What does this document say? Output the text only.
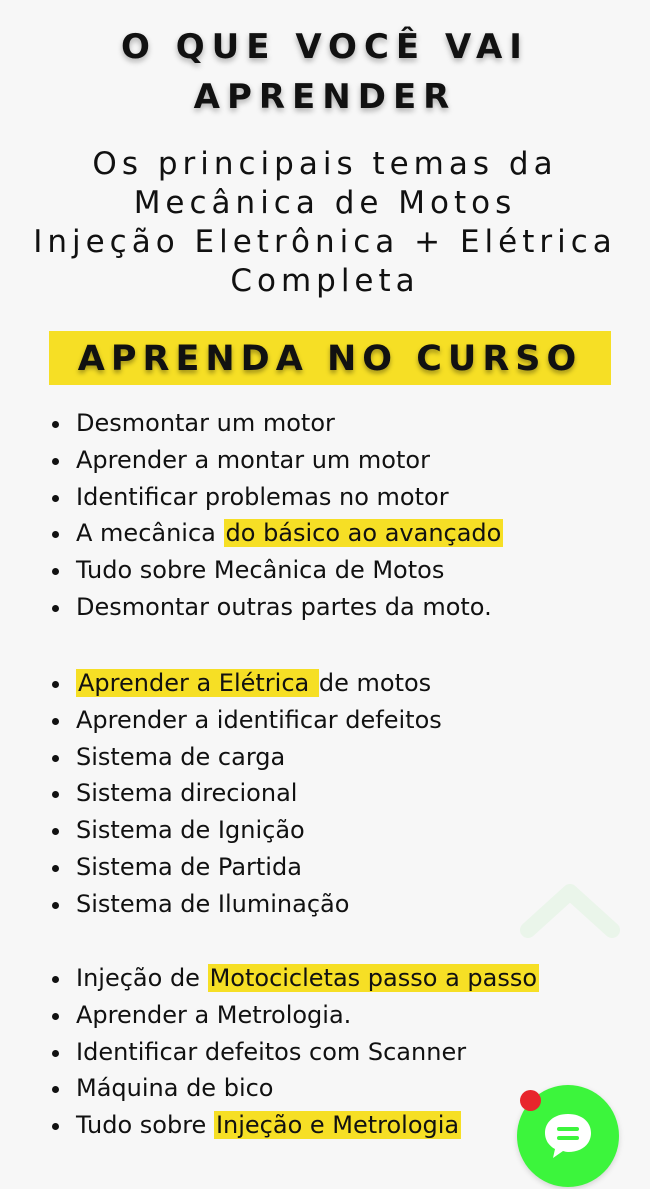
O QUE VOCÊ VAI
APRENDER
Os principais temas da
Mecânica de Motos
Injeção Eletrônica + Elétrica
Completa
APRENDA NO CURSO
Desmontar um motor
Aprender a montar um motor
Identificar problemas no motor
A mecânica do básico ao avançado
Tudo sobre Mecânica de Motos
Desmontar outras partes da moto.
Aprender a Elétrica de motos
Aprender a identificar defeitos
Sistema de carga
Sistema direcional
Sistema de Ignição
Sistema de Partida
Sistema de Iluminação
Injeção de Motocicletas passo a passo
Aprender a Metrologia.
Identificar defeitos com Scanner
Máquina de bico
Tudo sobre Injeção e Metrologia
